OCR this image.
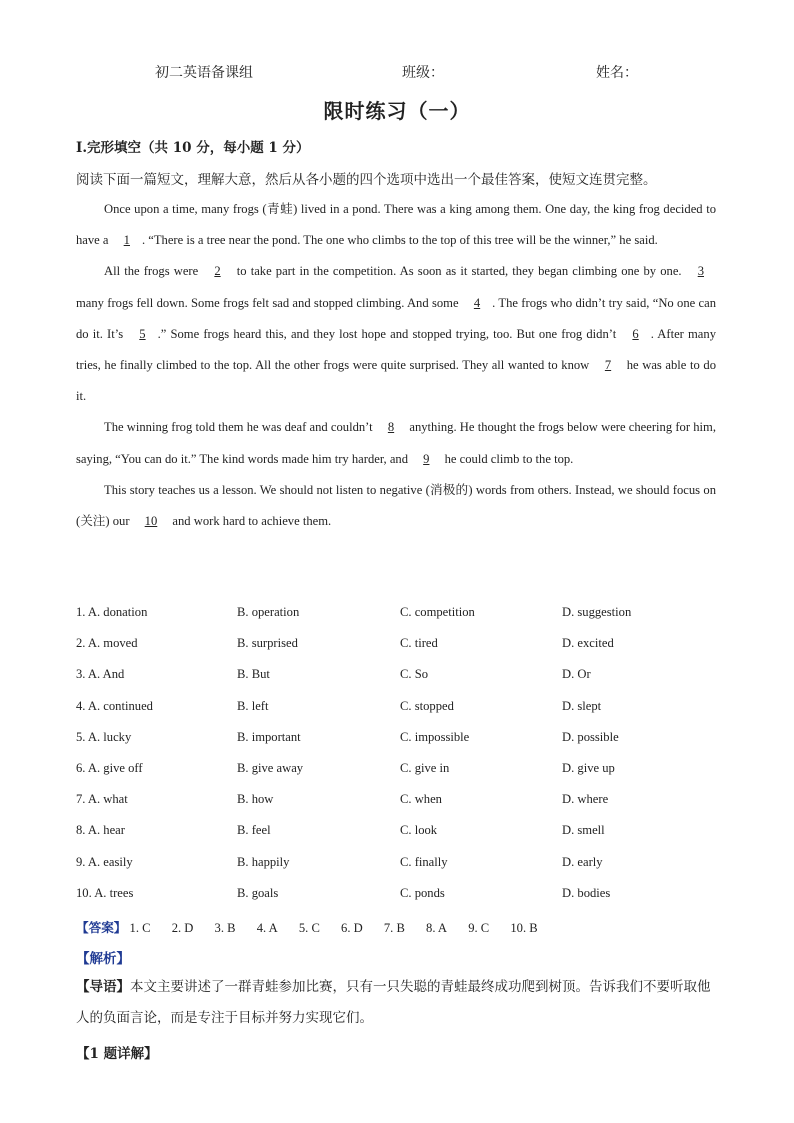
初二英语备课组	班级：	姓名：
限时练习（一）
I.完形填空（共 10 分，每小题 1 分）
阅读下面一篇短文，理解大意，然后从各小题的四个选项中选出一个最佳答案，使短文连贯完整。

Once upon a time, many frogs (青蛙) lived in a pond. There was a king among them. One day, the king frog decided to have a 1 . “There is a tree near the pond. The one who climbs to the top of this tree will be the winner,” he said.

All the frogs were 2 to take part in the competition. As soon as it started, they began climbing one by one. 3 many frogs fell down. Some frogs felt sad and stopped climbing. And some 4 . The frogs who didn’t try said, “No one can do it. It’s 5 .” Some frogs heard this, and they lost hope and stopped trying, too. But one frog didn’t 6 . After many tries, he finally climbed to the top. All the other frogs were quite surprised. They all wanted to know 7 he was able to do it.

The winning frog told them he was deaf and couldn’t 8 anything. He thought the frogs below were cheering for him, saying, “You can do it.” The kind words made him try harder, and 9 he could climb to the top.

This story teaches us a lesson. We should not listen to negative (消极的) words from others. Instead, we should focus on (关注) our 10 and work hard to achieve them.

1. A. donation	B. operation	C. competition	D. suggestion
2. A. moved	B. surprised	C. tired	D. excited
3. A. And	B. But	C. So	D. Or
4. A. continued	B. left	C. stopped	D. slept
5. A. lucky	B. important	C. impossible	D. possible
6. A. give off	B. give away	C. give in	D. give up
7. A. what	B. how	C. when	D. where
8. A. hear	B. feel	C. look	D. smell
9. A. easily	B. happily	C. finally	D. early
10. A. trees	B. goals	C. ponds	D. bodies
【答案】 1. C 2. D 3. B 4. A 5. C 6. D 7. B 8. A 9. C 10. B
【解析】
【导语】本文主要讲述了一群青蛙参加比赛，只有一只失聪的青蛙最终成功爬到树顶。告诉我们不要听取他人的负面言论，而是专注于目标并努力实现它们。
【1 题详解】
